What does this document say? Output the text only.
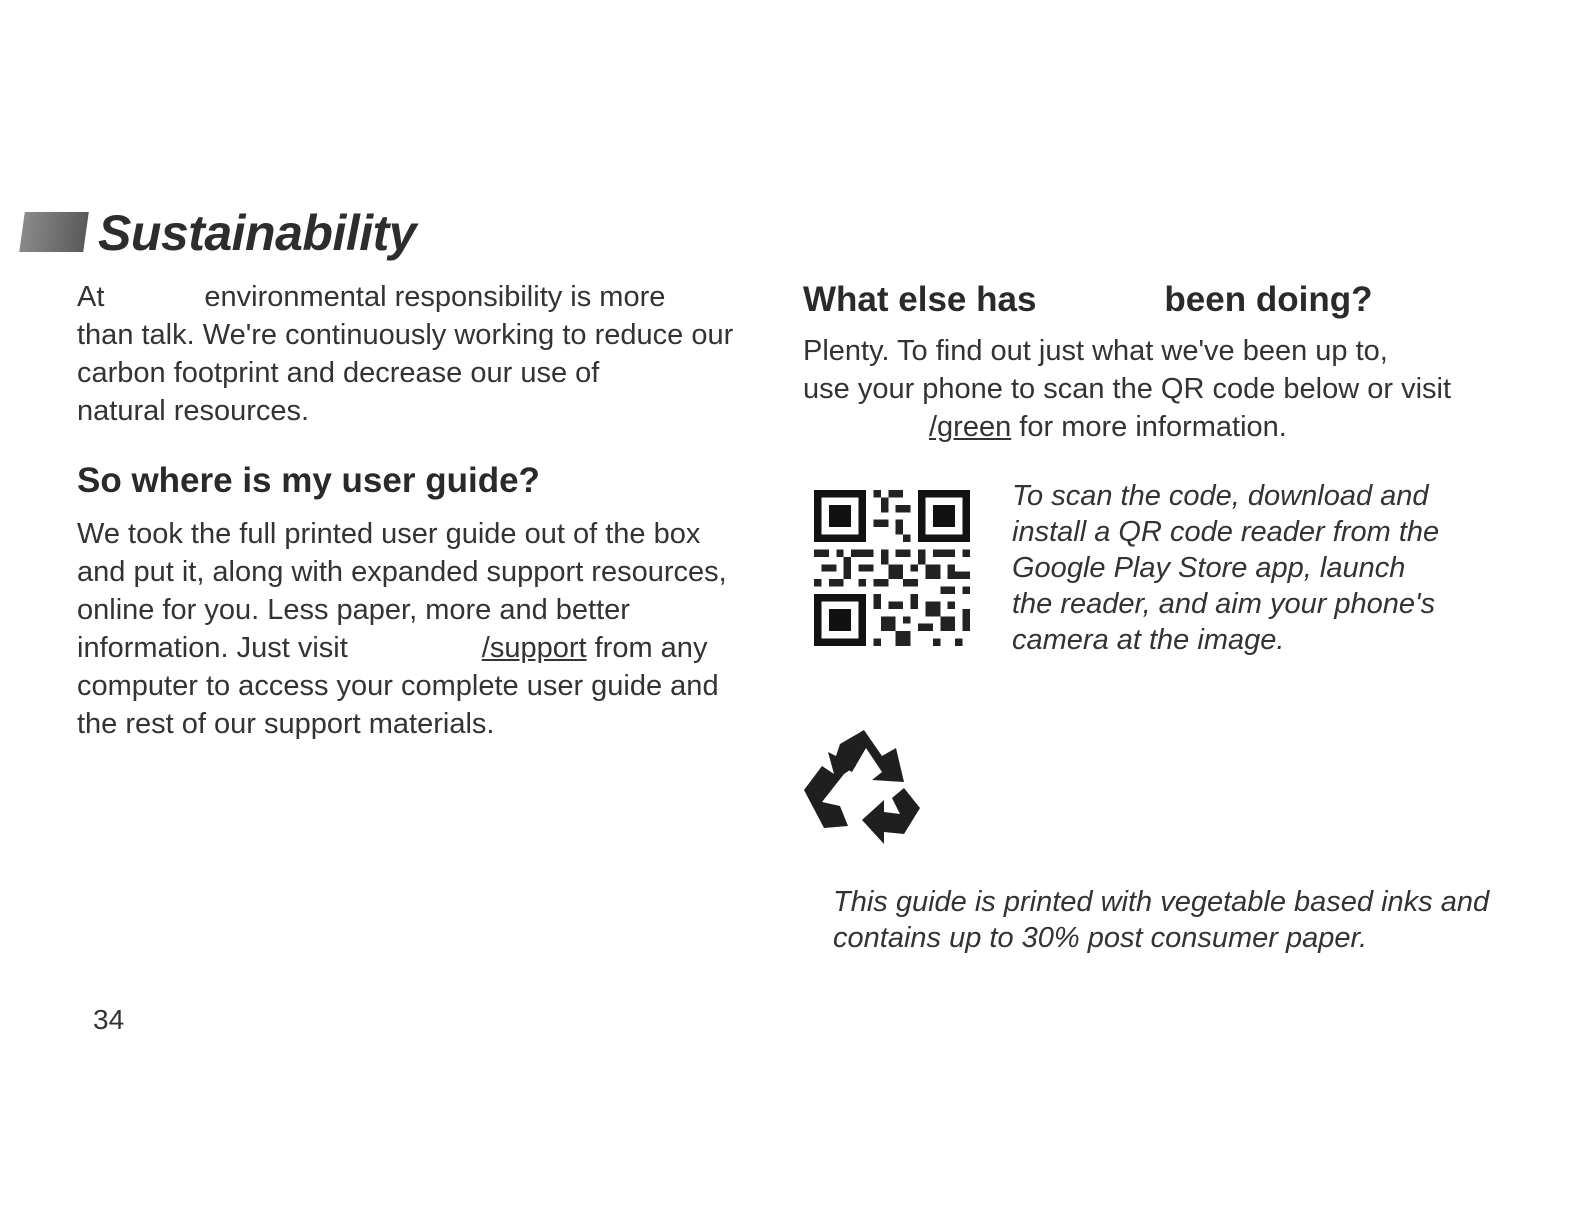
Sustainability

At	environmental responsibility is more

than talk. We're continuously working to reduce our

carbon footprint and decrease our use of

natural resources.

So where is my user guide?

We took the full printed user guide out of the box

and put it, along with expanded support resources,

online for you. Less paper, more and better

information. Just visit	/support from any

computer to access your complete user guide and

the rest of our support materials.

What else has	been doing?

Plenty. To find out just what we've been up to,

use your phone to scan the QR code below or visit

/green for more information.

To scan the code, download and

install a QR code reader from the

Google Play Store app, launch

the reader, and aim your phone's

camera at the image.

This guide is printed with vegetable based inks and

contains up to 30% post consumer paper.

34
